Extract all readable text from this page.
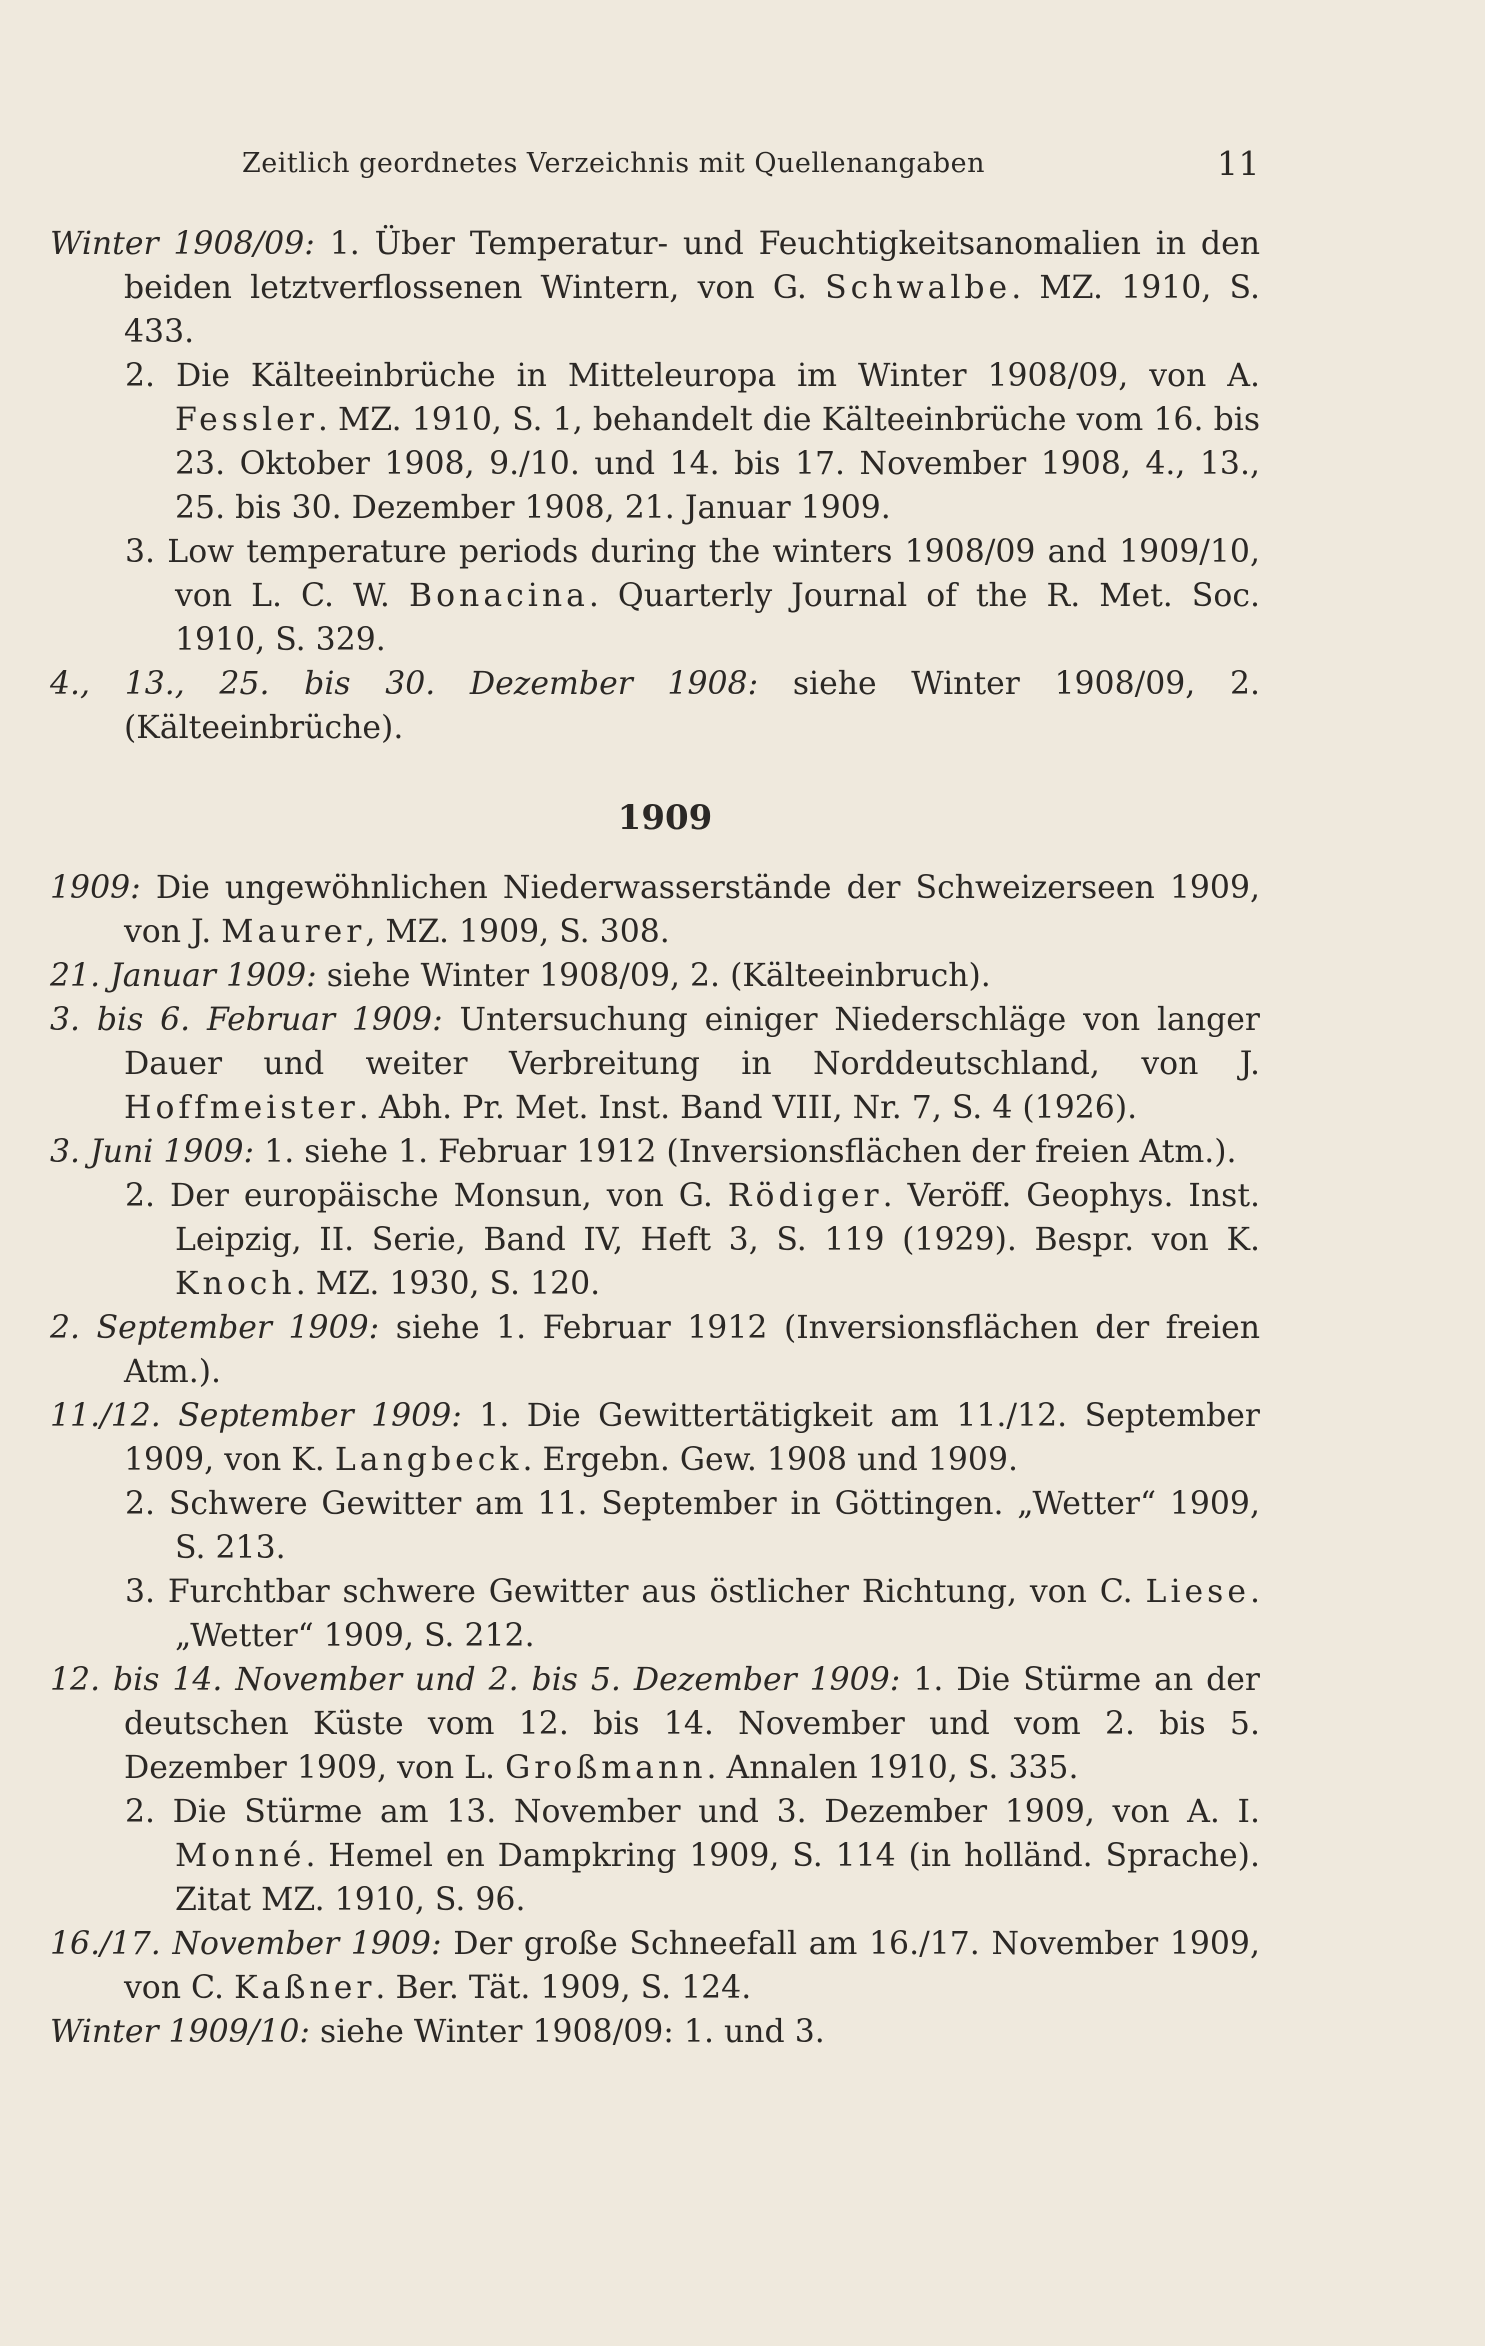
Zeitlich geordnetes Verzeichnis mit Quellenangaben	11

Winter 1908/09: 1. Über Temperatur- und Feuchtigkeitsanomalien in den beiden letztverflossenen Wintern, von G. Schwalbe. MZ. 1910, S. 433.

2. Die Kälteeinbrüche in Mitteleuropa im Winter 1908/09, von A. Fessler. MZ. 1910, S. 1, behandelt die Kälteeinbrüche vom 16. bis 23. Oktober 1908, 9./10. und 14. bis 17. November 1908, 4., 13., 25. bis 30. Dezember 1908, 21. Januar 1909.

3. Low temperature periods during the winters 1908/09 and 1909/10, von L. C. W. Bonacina. Quarterly Journal of the R. Met. Soc. 1910, S. 329.

4., 13., 25. bis 30. Dezember 1908: siehe Winter 1908/09, 2. (Kälteeinbrüche).

1909

1909: Die ungewöhnlichen Niederwasserstände der Schweizerseen 1909, von J. Maurer, MZ. 1909, S. 308.

21. Januar 1909: siehe Winter 1908/09, 2. (Kälteeinbruch).

3. bis 6. Februar 1909: Untersuchung einiger Niederschläge von langer Dauer und weiter Verbreitung in Norddeutschland, von J. Hoffmeister. Abh. Pr. Met. Inst. Band VIII, Nr. 7, S. 4 (1926).

3. Juni 1909: 1. siehe 1. Februar 1912 (Inversionsflächen der freien Atm.).

2. Der europäische Monsun, von G. Rödiger. Veröff. Geophys. Inst. Leipzig, II. Serie, Band IV, Heft 3, S. 119 (1929). Bespr. von K. Knoch. MZ. 1930, S. 120.

2. September 1909: siehe 1. Februar 1912 (Inversionsflächen der freien Atm.).

11./12. September 1909: 1. Die Gewittertätigkeit am 11./12. September 1909, von K. Langbeck. Ergebn. Gew. 1908 und 1909.

2. Schwere Gewitter am 11. September in Göttingen. „Wetter“ 1909, S. 213.

3. Furchtbar schwere Gewitter aus östlicher Richtung, von C. Liese. „Wetter“ 1909, S. 212.

12. bis 14. November und 2. bis 5. Dezember 1909: 1. Die Stürme an der deutschen Küste vom 12. bis 14. November und vom 2. bis 5. Dezember 1909, von L. Großmann. Annalen 1910, S. 335.

2. Die Stürme am 13. November und 3. Dezember 1909, von A. I. Monné. Hemel en Dampkring 1909, S. 114 (in holländ. Sprache). Zitat MZ. 1910, S. 96.

16./17. November 1909: Der große Schneefall am 16./17. November 1909, von C. Kaßner. Ber. Tät. 1909, S. 124.

Winter 1909/10: siehe Winter 1908/09: 1. und 3.
